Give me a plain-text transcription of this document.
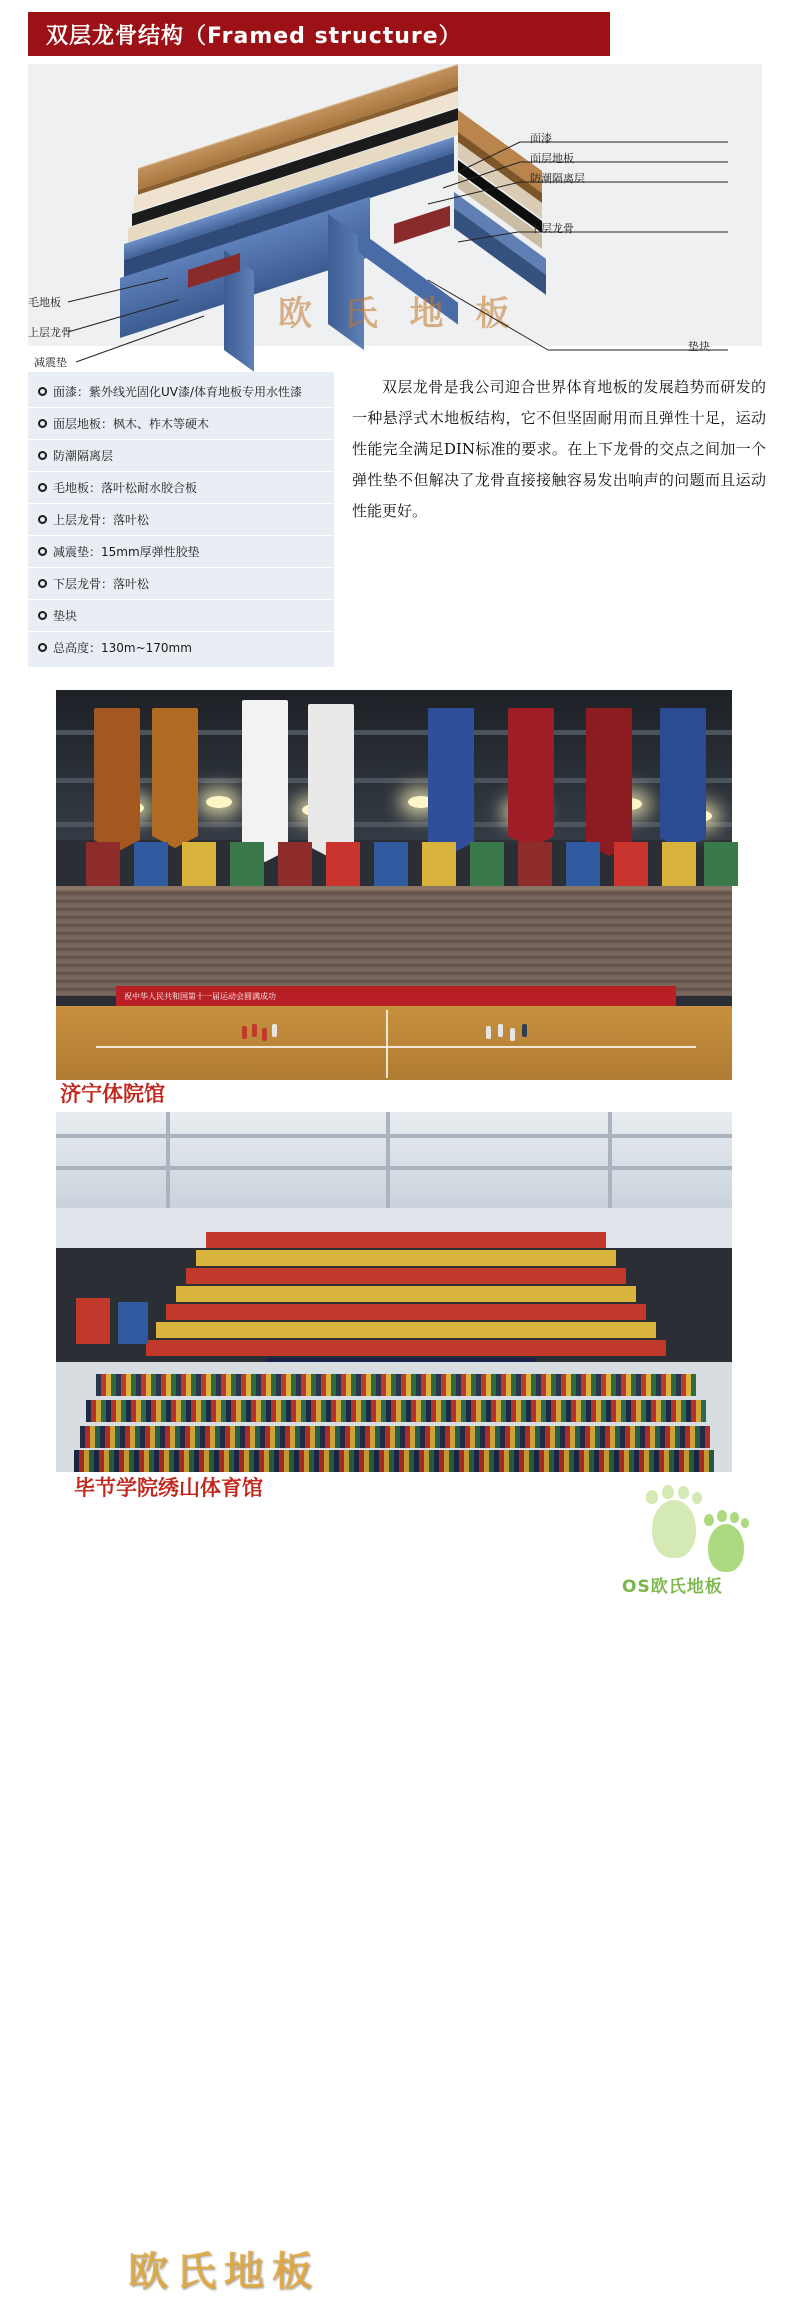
双层龙骨结构（Framed structure）
欧 氏 地 板
面漆
面层地板
防潮隔离层
下层龙骨
垫块
毛地板
上层龙骨
减震垫
面漆：紫外线光固化UV漆/体育地板专用水性漆
面层地板：枫木、柞木等硬木
防潮隔离层
毛地板：落叶松耐水胶合板
上层龙骨：落叶松
减震垫：15mm厚弹性胶垫
下层龙骨：落叶松
垫块
总高度：130m~170mm
双层龙骨是我公司迎合世界体育地板的发展趋势而研发的一种悬浮式木地板结构，它不但坚固耐用而且弹性十足，运动性能完全满足DIN标准的要求。在上下龙骨的交点之间加一个弹性垫不但解决了龙骨直接接触容易发出响声的问题而且运动性能更好。
祝中华人民共和国第十一届运动会圆满成功
济宁体院馆
欧氏地板
毕节学院绣山体育馆
OS欧氏地板
